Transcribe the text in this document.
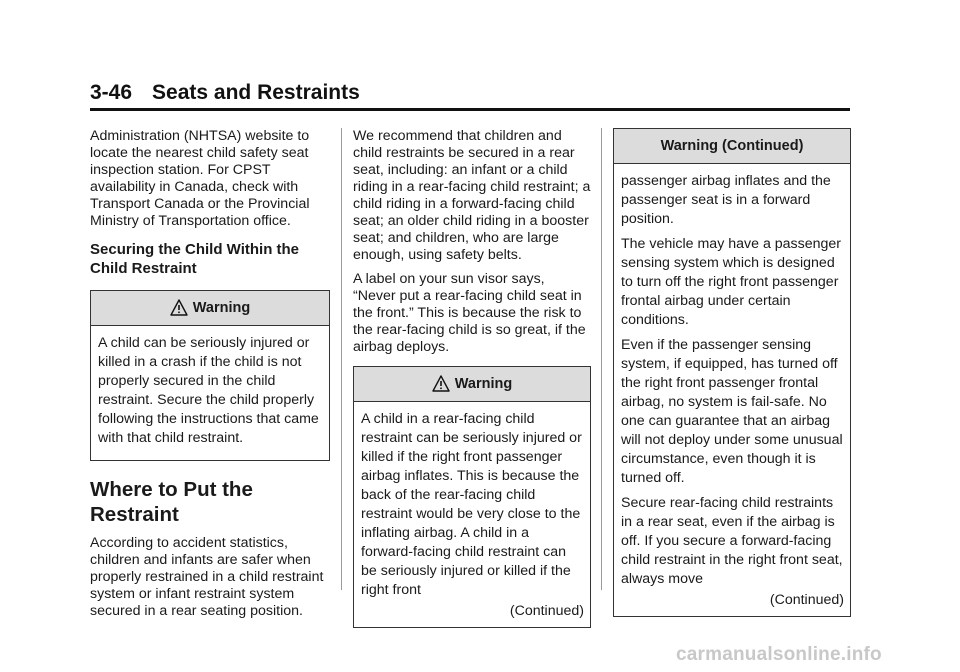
3-46 Seats and Restraints

Administration (NHTSA) website to locate the nearest child safety seat inspection station. For CPST availability in Canada, check with Transport Canada or the Provincial Ministry of Transportation office.

Securing the Child Within the Child Restraint
Warning

A child can be seriously injured or killed in a crash if the child is not properly secured in the child restraint. Secure the child properly following the instructions that came with that child restraint.

Where to Put the Restraint

According to accident statistics, children and infants are safer when properly restrained in a child restraint system or infant restraint system secured in a rear seating position.

We recommend that children and child restraints be secured in a rear seat, including: an infant or a child riding in a rear-facing child restraint; a child riding in a forward-facing child seat; an older child riding in a booster seat; and children, who are large enough, using safety belts.

A label on your sun visor says, “Never put a rear-facing child seat in the front.” This is because the risk to the rear-facing child is so great, if the airbag deploys.

Warning

A child in a rear-facing child restraint can be seriously injured or killed if the right front passenger airbag inflates. This is because the back of the rear-facing child restraint would be very close to the inflating airbag. A child in a forward-facing child restraint can be seriously injured or killed if the right front

(Continued)
Warning (Continued)

passenger airbag inflates and the passenger seat is in a forward position.

The vehicle may have a passenger sensing system which is designed to turn off the right front passenger frontal airbag under certain conditions.

Even if the passenger sensing system, if equipped, has turned off the right front passenger frontal airbag, no system is fail-safe. No one can guarantee that an airbag will not deploy under some unusual circumstance, even though it is turned off.

Secure rear-facing child restraints in a rear seat, even if the airbag is off. If you secure a forward-facing child restraint in the right front seat, always move

(Continued)
carmanualsonline.info
